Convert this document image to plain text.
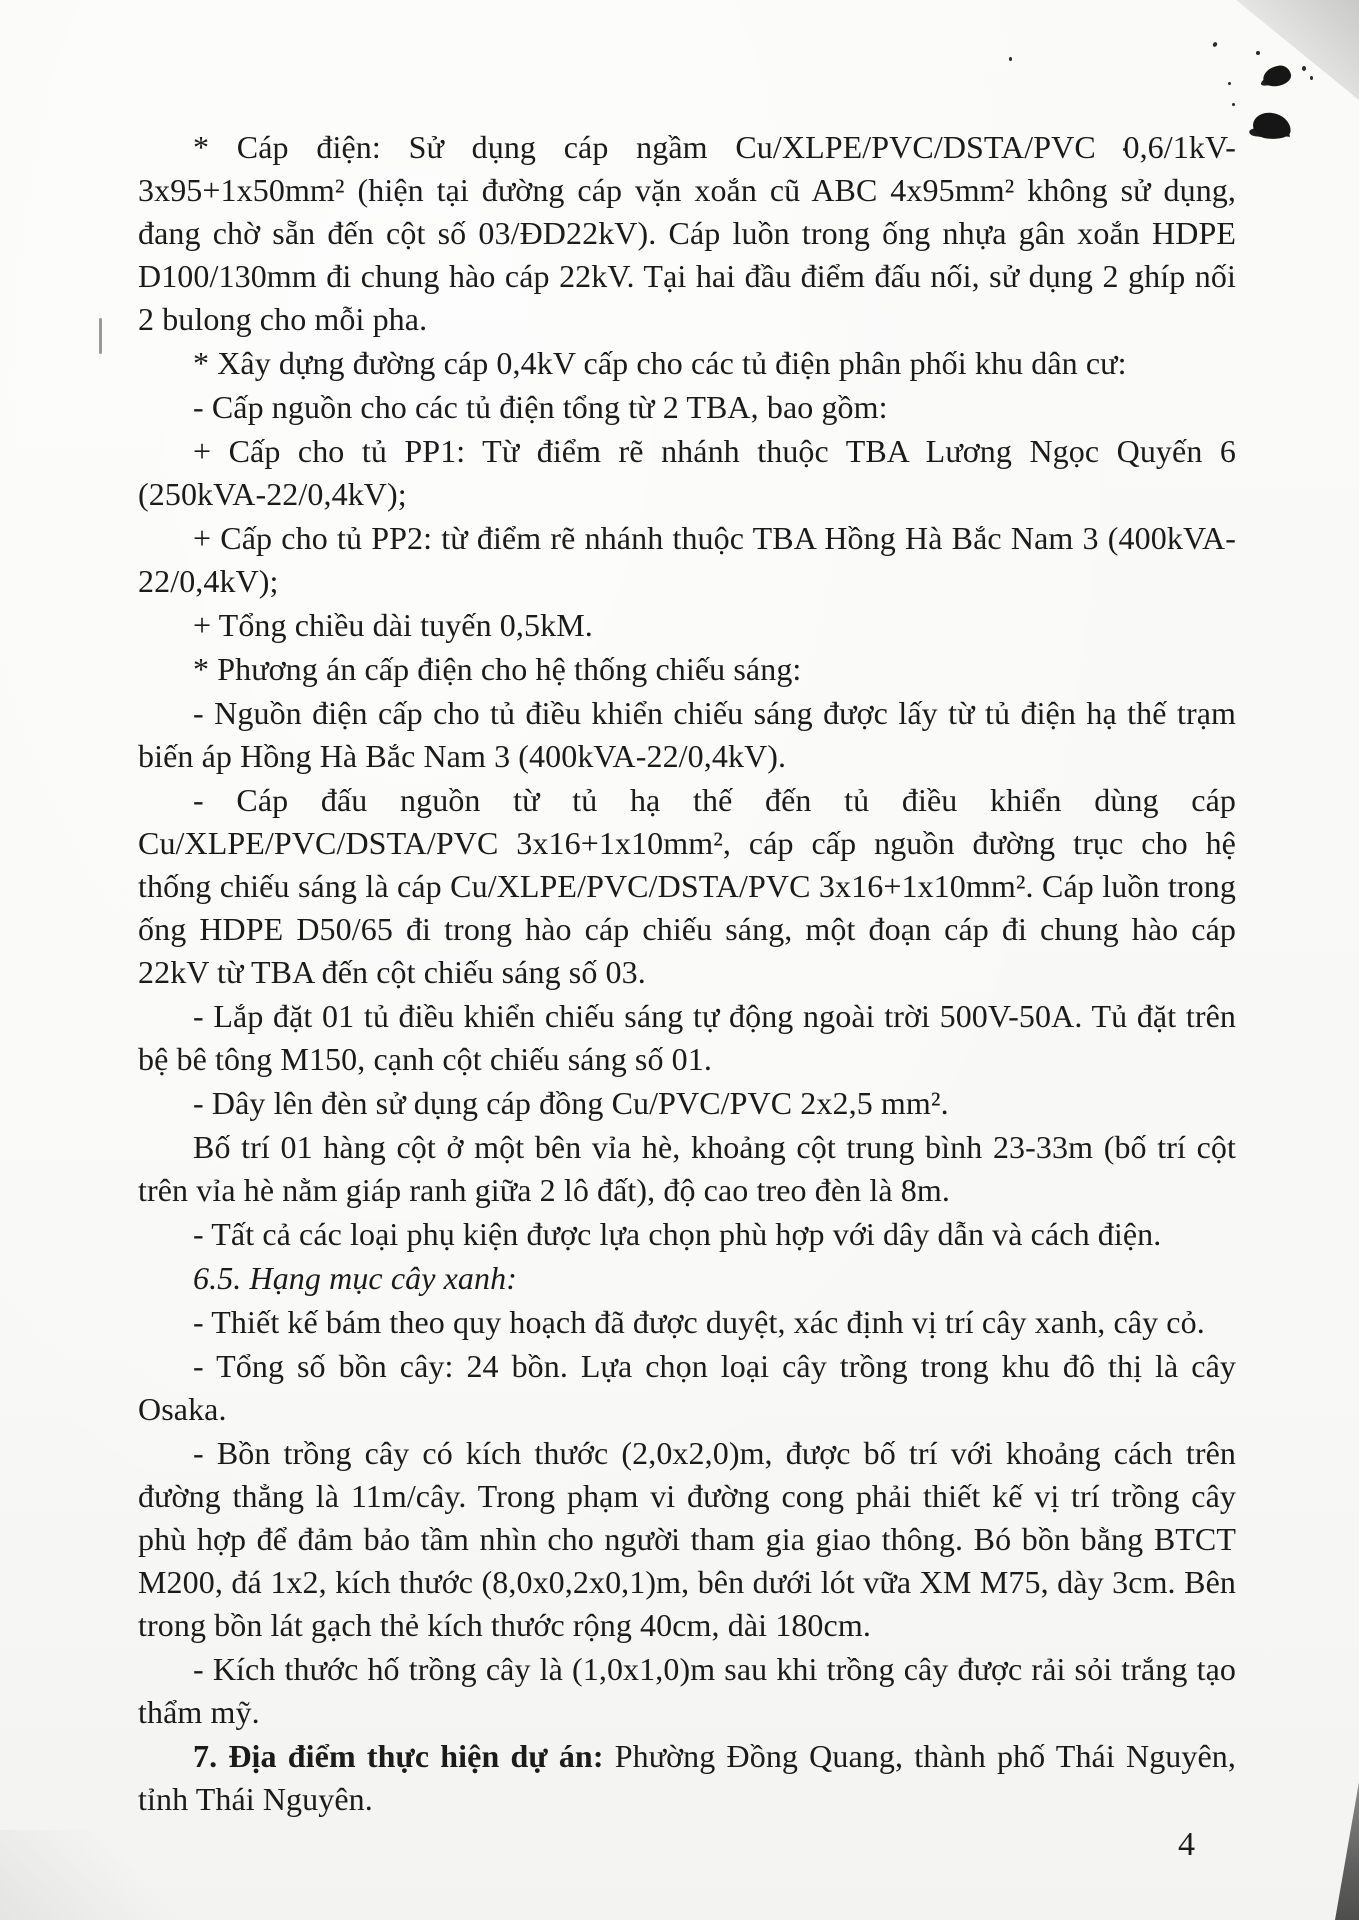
* Cáp điện: Sử dụng cáp ngầm Cu/XLPE/PVC/DSTA/PVC 0,6/1kV-3x95+1x50mm² (hiện tại đường cáp vặn xoắn cũ ABC 4x95mm² không sử dụng, đang chờ sẵn đến cột số 03/ĐD22kV). Cáp luồn trong ống nhựa gân xoắn HDPE D100/130mm đi chung hào cáp 22kV. Tại hai đầu điểm đấu nối, sử dụng 2 ghíp nối 2 bulong cho mỗi pha.

* Xây dựng đường cáp 0,4kV cấp cho các tủ điện phân phối khu dân cư:

- Cấp nguồn cho các tủ điện tổng từ 2 TBA, bao gồm:

+ Cấp cho tủ PP1: Từ điểm rẽ nhánh thuộc TBA Lương Ngọc Quyến 6 (250kVA-22/0,4kV);

+ Cấp cho tủ PP2: từ điểm rẽ nhánh thuộc TBA Hồng Hà Bắc Nam 3 (400kVA-22/0,4kV);

+ Tổng chiều dài tuyến 0,5kM.

* Phương án cấp điện cho hệ thống chiếu sáng:

- Nguồn điện cấp cho tủ điều khiển chiếu sáng được lấy từ tủ điện hạ thế trạm biến áp Hồng Hà Bắc Nam 3 (400kVA-22/0,4kV).

- Cáp đấu nguồn từ tủ hạ thế đến tủ điều khiển dùng cáp Cu/XLPE/PVC/DSTA/PVC 3x16+1x10mm², cáp cấp nguồn đường trục cho hệ thống chiếu sáng là cáp Cu/XLPE/PVC/DSTA/PVC 3x16+1x10mm². Cáp luồn trong ống HDPE D50/65 đi trong hào cáp chiếu sáng, một đoạn cáp đi chung hào cáp 22kV từ TBA đến cột chiếu sáng số 03.

- Lắp đặt 01 tủ điều khiển chiếu sáng tự động ngoài trời 500V-50A. Tủ đặt trên bệ bê tông M150, cạnh cột chiếu sáng số 01.

- Dây lên đèn sử dụng cáp đồng Cu/PVC/PVC 2x2,5 mm².

Bố trí 01 hàng cột ở một bên vỉa hè, khoảng cột trung bình 23-33m (bố trí cột trên vỉa hè nằm giáp ranh giữa 2 lô đất), độ cao treo đèn là 8m.

- Tất cả các loại phụ kiện được lựa chọn phù hợp với dây dẫn và cách điện.

6.5. Hạng mục cây xanh:

- Thiết kế bám theo quy hoạch đã được duyệt, xác định vị trí cây xanh, cây cỏ.

- Tổng số bồn cây: 24 bồn. Lựa chọn loại cây trồng trong khu đô thị là cây Osaka.

- Bồn trồng cây có kích thước (2,0x2,0)m, được bố trí với khoảng cách trên đường thẳng là 11m/cây. Trong phạm vi đường cong phải thiết kế vị trí trồng cây phù hợp để đảm bảo tầm nhìn cho người tham gia giao thông. Bó bồn bằng BTCT M200, đá 1x2, kích thước (8,0x0,2x0,1)m, bên dưới lót vữa XM M75, dày 3cm. Bên trong bồn lát gạch thẻ kích thước rộng 40cm, dài 180cm.

- Kích thước hố trồng cây là (1,0x1,0)m sau khi trồng cây được rải sỏi trắng tạo thẩm mỹ.

7. Địa điểm thực hiện dự án: Phường Đồng Quang, thành phố Thái Nguyên, tỉnh Thái Nguyên.

4
